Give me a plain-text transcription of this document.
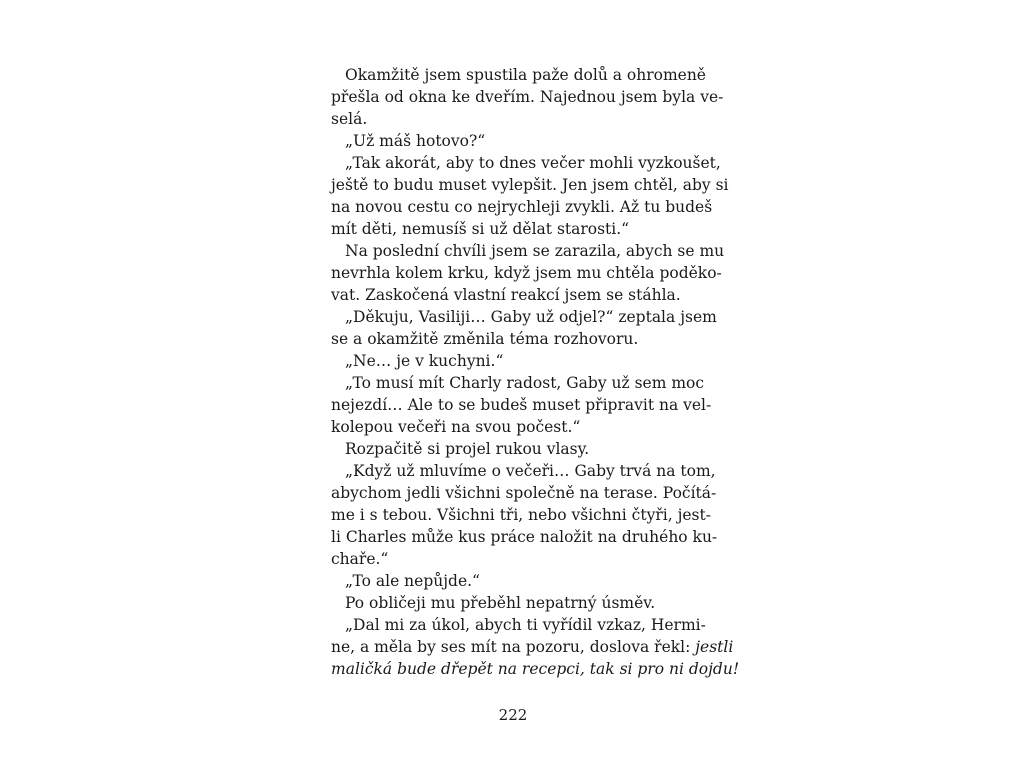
Okamžitě jsem spustila paže dolů a ohromeně
přešla od okna ke dveřím. Najednou jsem byla ve-
selá.
„Už máš hotovo?“
„Tak akorát, aby to dnes večer mohli vyzkoušet,
ještě to budu muset vylepšit. Jen jsem chtěl, aby si
na novou cestu co nejrychleji zvykli. Až tu budeš
mít děti, nemusíš si už dělat starosti.“
Na poslední chvíli jsem se zarazila, abych se mu
nevrhla kolem krku, když jsem mu chtěla poděko-
vat. Zaskočená vlastní reakcí jsem se stáhla.
„Děkuju, Vasiliji… Gaby už odjel?“ zeptala jsem
se a okamžitě změnila téma rozhovoru.
„Ne… je v kuchyni.“
„To musí mít Charly radost, Gaby už sem moc
nejezdí… Ale to se budeš muset připravit na vel-
kolepou večeři na svou počest.“
Rozpačitě si projel rukou vlasy.
„Když už mluvíme o večeři… Gaby trvá na tom,
abychom jedli všichni společně na terase. Počítá-
me i s tebou. Všichni tři, nebo všichni čtyři, jest-
li Charles může kus práce naložit na druhého ku-
chaře.“
„To ale nepůjde.“
Po obličeji mu přeběhl nepatrný úsměv.
„Dal mi za úkol, abych ti vyřídil vzkaz, Hermi-
ne, a měla by ses mít na pozoru, doslova řekl: jestli
maličká bude dřepět na recepci, tak si pro ni dojdu!
222
